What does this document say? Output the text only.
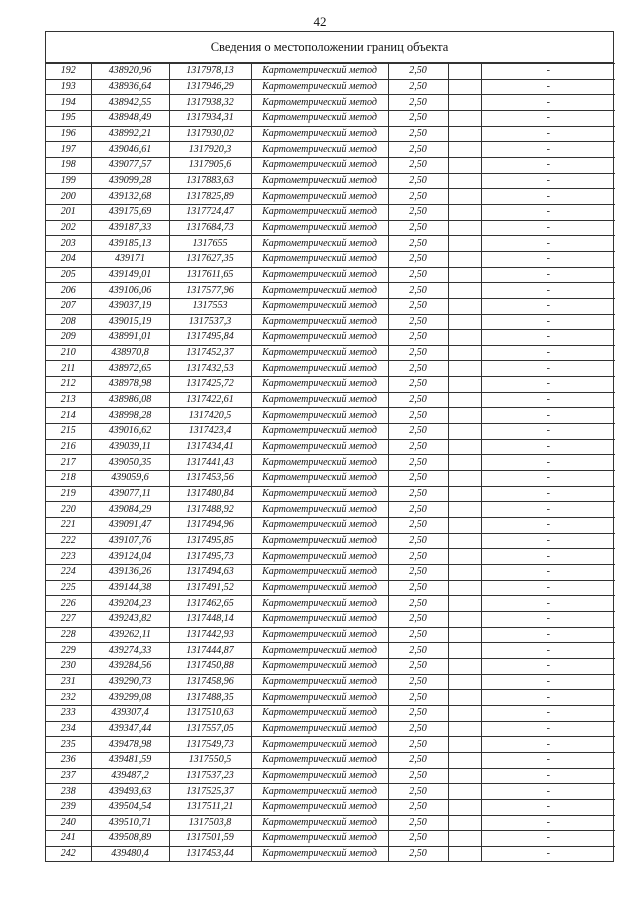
42
Сведения о местоположении границ объекта
192	438920,96	1317978,13	Картометрический метод	2,50		-
193	438936,64	1317946,29	Картометрический метод	2,50		-
194	438942,55	1317938,32	Картометрический метод	2,50		-
195	438948,49	1317934,31	Картометрический метод	2,50		-
196	438992,21	1317930,02	Картометрический метод	2,50		-
197	439046,61	1317920,3	Картометрический метод	2,50		-
198	439077,57	1317905,6	Картометрический метод	2,50		-
199	439099,28	1317883,63	Картометрический метод	2,50		-
200	439132,68	1317825,89	Картометрический метод	2,50		-
201	439175,69	1317724,47	Картометрический метод	2,50		-
202	439187,33	1317684,73	Картометрический метод	2,50		-
203	439185,13	1317655	Картометрический метод	2,50		-
204	439171	1317627,35	Картометрический метод	2,50		-
205	439149,01	1317611,65	Картометрический метод	2,50		-
206	439106,06	1317577,96	Картометрический метод	2,50		-
207	439037,19	1317553	Картометрический метод	2,50		-
208	439015,19	1317537,3	Картометрический метод	2,50		-
209	438991,01	1317495,84	Картометрический метод	2,50		-
210	438970,8	1317452,37	Картометрический метод	2,50		-
211	438972,65	1317432,53	Картометрический метод	2,50		-
212	438978,98	1317425,72	Картометрический метод	2,50		-
213	438986,08	1317422,61	Картометрический метод	2,50		-
214	438998,28	1317420,5	Картометрический метод	2,50		-
215	439016,62	1317423,4	Картометрический метод	2,50		-
216	439039,11	1317434,41	Картометрический метод	2,50		-
217	439050,35	1317441,43	Картометрический метод	2,50		-
218	439059,6	1317453,56	Картометрический метод	2,50		-
219	439077,11	1317480,84	Картометрический метод	2,50		-
220	439084,29	1317488,92	Картометрический метод	2,50		-
221	439091,47	1317494,96	Картометрический метод	2,50		-
222	439107,76	1317495,85	Картометрический метод	2,50		-
223	439124,04	1317495,73	Картометрический метод	2,50		-
224	439136,26	1317494,63	Картометрический метод	2,50		-
225	439144,38	1317491,52	Картометрический метод	2,50		-
226	439204,23	1317462,65	Картометрический метод	2,50		-
227	439243,82	1317448,14	Картометрический метод	2,50		-
228	439262,11	1317442,93	Картометрический метод	2,50		-
229	439274,33	1317444,87	Картометрический метод	2,50		-
230	439284,56	1317450,88	Картометрический метод	2,50		-
231	439290,73	1317458,96	Картометрический метод	2,50		-
232	439299,08	1317488,35	Картометрический метод	2,50		-
233	439307,4	1317510,63	Картометрический метод	2,50		-
234	439347,44	1317557,05	Картометрический метод	2,50		-
235	439478,98	1317549,73	Картометрический метод	2,50		-
236	439481,59	1317550,5	Картометрический метод	2,50		-
237	439487,2	1317537,23	Картометрический метод	2,50		-
238	439493,63	1317525,37	Картометрический метод	2,50		-
239	439504,54	1317511,21	Картометрический метод	2,50		-
240	439510,71	1317503,8	Картометрический метод	2,50		-
241	439508,89	1317501,59	Картометрический метод	2,50		-
242	439480,4	1317453,44	Картометрический метод	2,50		-
